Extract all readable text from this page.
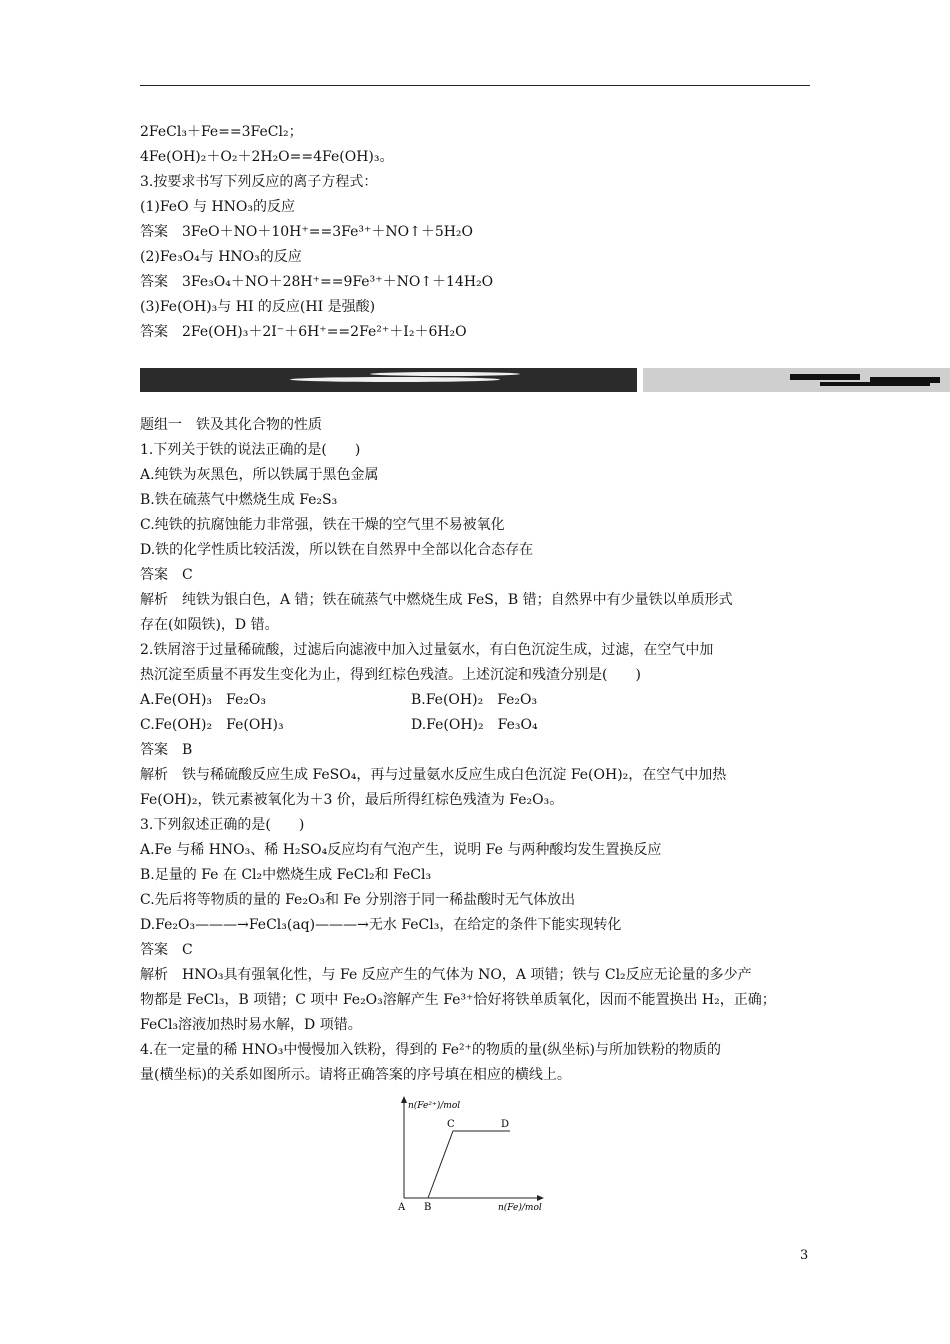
2FeCl₃＋Fe==3FeCl₂；
4Fe(OH)₂＋O₂＋2H₂O==4Fe(OH)₃。
3.按要求书写下列反应的离子方程式：
(1)FeO 与 HNO₃的反应
答案　3FeO＋NO＋10H⁺==3Fe³⁺＋NO↑＋5H₂O
(2)Fe₃O₄与 HNO₃的反应
答案　3Fe₃O₄＋NO＋28H⁺==9Fe³⁺＋NO↑＋14H₂O
(3)Fe(OH)₃与 HI 的反应(HI 是强酸)
答案　2Fe(OH)₃＋2I⁻＋6H⁺==2Fe²⁺＋I₂＋6H₂O
题组一　铁及其化合物的性质
1.下列关于铁的说法正确的是(　　)
A.纯铁为灰黑色，所以铁属于黑色金属
B.铁在硫蒸气中燃烧生成 Fe₂S₃
C.纯铁的抗腐蚀能力非常强，铁在干燥的空气里不易被氧化
D.铁的化学性质比较活泼，所以铁在自然界中全部以化合态存在
答案　C
解析　纯铁为银白色，A 错；铁在硫蒸气中燃烧生成 FeS，B 错；自然界中有少量铁以单质形式
存在(如陨铁)，D 错。
2.铁屑溶于过量稀硫酸，过滤后向滤液中加入过量氨水，有白色沉淀生成，过滤，在空气中加
热沉淀至质量不再发生变化为止，得到红棕色残渣。上述沉淀和残渣分别是(　　)
A.Fe(OH)₃　Fe₂O₃	B.Fe(OH)₂　Fe₂O₃
C.Fe(OH)₂　Fe(OH)₃	D.Fe(OH)₂　Fe₃O₄
答案　B
解析　铁与稀硫酸反应生成 FeSO₄，再与过量氨水反应生成白色沉淀 Fe(OH)₂，在空气中加热
Fe(OH)₂，铁元素被氧化为＋3 价，最后所得红棕色残渣为 Fe₂O₃。
3.下列叙述正确的是(　　)
A.Fe 与稀 HNO₃、稀 H₂SO₄反应均有气泡产生，说明 Fe 与两种酸均发生置换反应
B.足量的 Fe 在 Cl₂中燃烧生成 FeCl₂和 FeCl₃
C.先后将等物质的量的 Fe₂O₃和 Fe 分别溶于同一稀盐酸时无气体放出
D.Fe₂O₃———→FeCl₃(aq)———→无水 FeCl₃，在给定的条件下能实现转化
答案　C
解析　HNO₃具有强氧化性，与 Fe 反应产生的气体为 NO，A 项错；铁与 Cl₂反应无论量的多少产
物都是 FeCl₃，B 项错；C 项中 Fe₂O₃溶解产生 Fe³⁺恰好将铁单质氧化，因而不能置换出 H₂，正确；
FeCl₃溶液加热时易水解，D 项错。
4.在一定量的稀 HNO₃中慢慢加入铁粉，得到的 Fe²⁺的物质的量(纵坐标)与所加铁粉的物质的
量(横坐标)的关系如图所示。请将正确答案的序号填在相应的横线上。
n(Fe²⁺)/mol
n(Fe)/mol
A B
C	D
3
